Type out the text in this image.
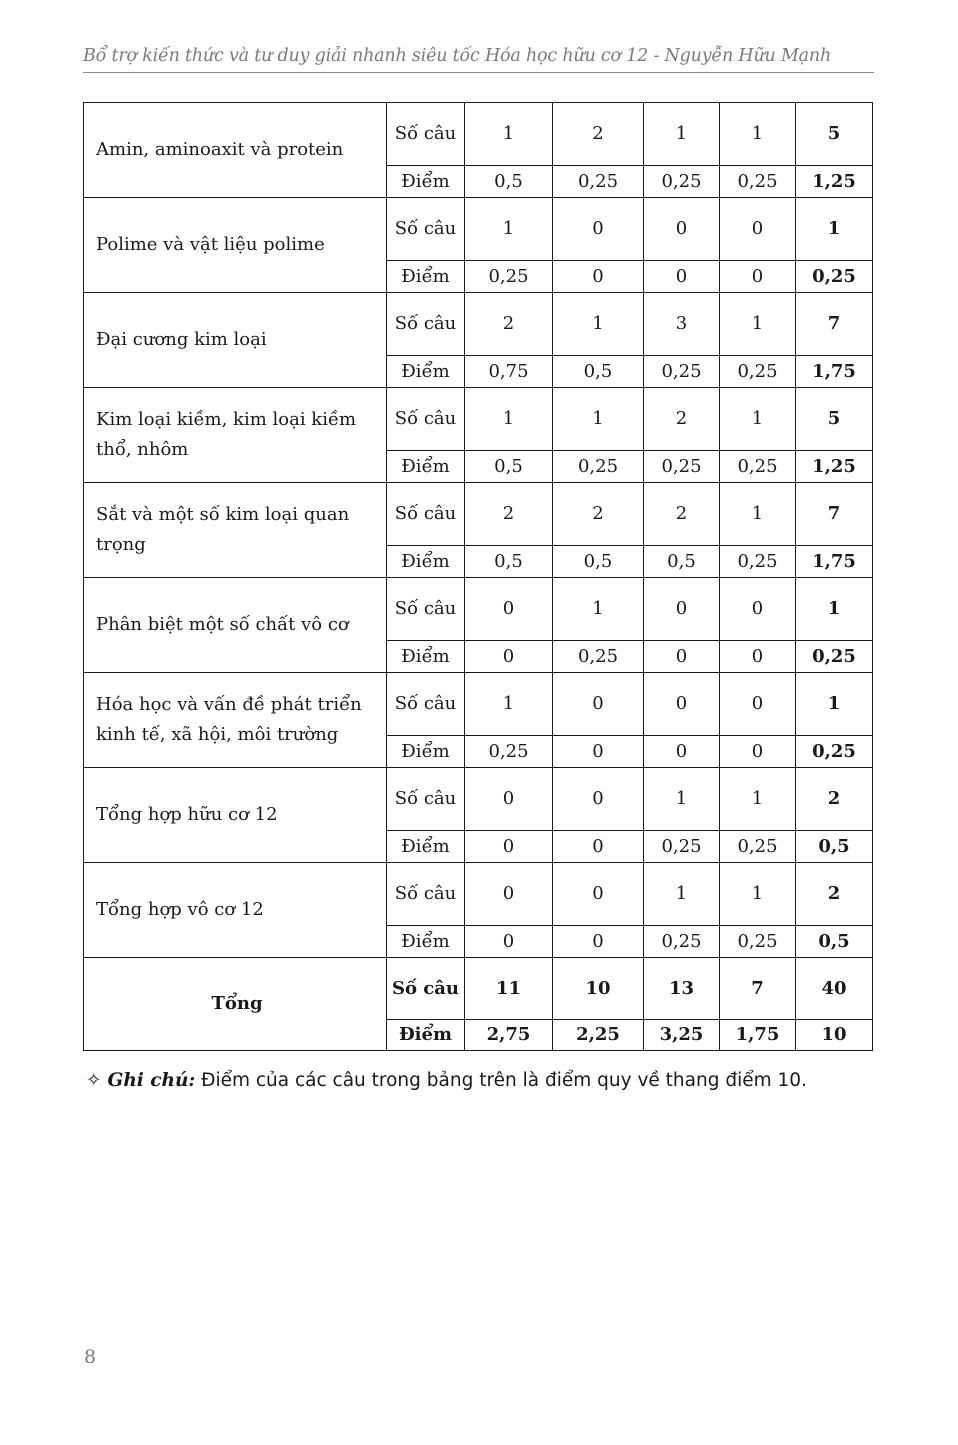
Bổ trợ kiến thức và tư duy giải nhanh siêu tốc Hóa học hữu cơ 12 - Nguyễn Hữu Mạnh
Amin, aminoaxit và protein	Số câu	1	2	1	1	5
	Điểm	0,5	0,25	0,25	0,25	1,25
Polime và vật liệu polime	Số câu	1	0	0	0	1
	Điểm	0,25	0	0	0	0,25
Đại cương kim loại	Số câu	2	1	3	1	7
	Điểm	0,75	0,5	0,25	0,25	1,75
Kim loại kiềm, kim loại kiềm thổ, nhôm	Số câu	1	1	2	1	5
	Điểm	0,5	0,25	0,25	0,25	1,25
Sắt và một số kim loại quan trọng	Số câu	2	2	2	1	7
	Điểm	0,5	0,5	0,5	0,25	1,75
Phân biệt một số chất vô cơ	Số câu	0	1	0	0	1
	Điểm	0	0,25	0	0	0,25
Hóa học và vấn đề phát triển kinh tế, xã hội, môi trường	Số câu	1	0	0	0	1
	Điểm	0,25	0	0	0	0,25
Tổng hợp hữu cơ 12	Số câu	0	0	1	1	2
	Điểm	0	0	0,25	0,25	0,5
Tổng hợp vô cơ 12	Số câu	0	0	1	1	2
	Điểm	0	0	0,25	0,25	0,5
Tổng	Số câu	11	10	13	7	40
	Điểm	2,75	2,25	3,25	1,75	10
✧ Ghi chú: Điểm của các câu trong bảng trên là điểm quy về thang điểm 10.
8
